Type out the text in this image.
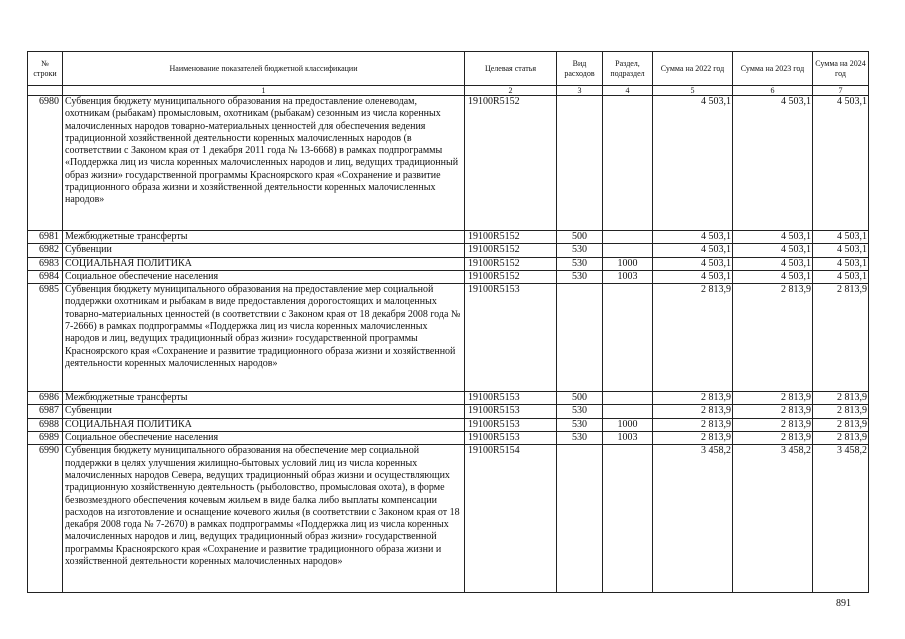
№ строки	Наименование показателей бюджетной классификации	Целевая статья	Вид расходов	Раздел, подраздел	Сумма на 2022 год	Сумма на 2023 год	Сумма на 2024 год
	1	2	3	4	5	6	7
6980	Субвенция бюджету муниципального образования на предоставление оленеводам, охотникам (рыбакам) промысловым, охотникам (рыбакам) сезонным из числа коренных малочисленных народов товарно-материальных ценностей для обеспечения ведения традиционной хозяйственной деятельности коренных малочисленных народов (в соответствии с Законом края от 1 декабря 2011 года № 13-6668) в рамках подпрограммы «Поддержка лиц из числа коренных малочисленных народов и лиц, ведущих традиционный образ жизни» государственной программы Красноярского края «Сохранение и развитие традиционного образа жизни и хозяйственной деятельности коренных малочисленных народов»	19100R5152			4 503,1	4 503,1	4 503,1
6981	Межбюджетные трансферты	19100R5152	500		4 503,1	4 503,1	4 503,1
6982	Субвенции	19100R5152	530		4 503,1	4 503,1	4 503,1
6983	СОЦИАЛЬНАЯ ПОЛИТИКА	19100R5152	530	1000	4 503,1	4 503,1	4 503,1
6984	Социальное обеспечение населения	19100R5152	530	1003	4 503,1	4 503,1	4 503,1
6985	Субвенция бюджету муниципального образования на предоставление мер социальной поддержки охотникам и рыбакам в виде предоставления дорогостоящих и малоценных товарно-материальных ценностей (в соответствии с Законом края от 18 декабря 2008 года № 7-2666) в рамках подпрограммы «Поддержка лиц из числа коренных малочисленных народов и лиц, ведущих традиционный образ жизни» государственной программы Красноярского края «Сохранение и развитие традиционного образа жизни и хозяйственной деятельности коренных малочисленных народов»	19100R5153			2 813,9	2 813,9	2 813,9
6986	Межбюджетные трансферты	19100R5153	500		2 813,9	2 813,9	2 813,9
6987	Субвенции	19100R5153	530		2 813,9	2 813,9	2 813,9
6988	СОЦИАЛЬНАЯ ПОЛИТИКА	19100R5153	530	1000	2 813,9	2 813,9	2 813,9
6989	Социальное обеспечение населения	19100R5153	530	1003	2 813,9	2 813,9	2 813,9
6990	Субвенция бюджету муниципального образования на обеспечение мер социальной поддержки в целях улучшения жилищно-бытовых условий лиц из числа коренных малочисленных народов Севера, ведущих традиционный образ жизни и осуществляющих традиционную хозяйственную деятельность (рыболовство, промысловая охота), в форме безвозмездного обеспечения кочевым жильем в виде балка либо выплаты компенсации расходов на изготовление и оснащение кочевого жилья (в соответствии с Законом края от 18 декабря 2008 года № 7-2670) в рамках подпрограммы «Поддержка лиц из числа коренных малочисленных народов и лиц, ведущих традиционный образ жизни» государственной программы Красноярского края «Сохранение и развитие традиционного образа жизни и хозяйственной деятельности коренных малочисленных народов»	19100R5154			3 458,2	3 458,2	3 458,2
891
